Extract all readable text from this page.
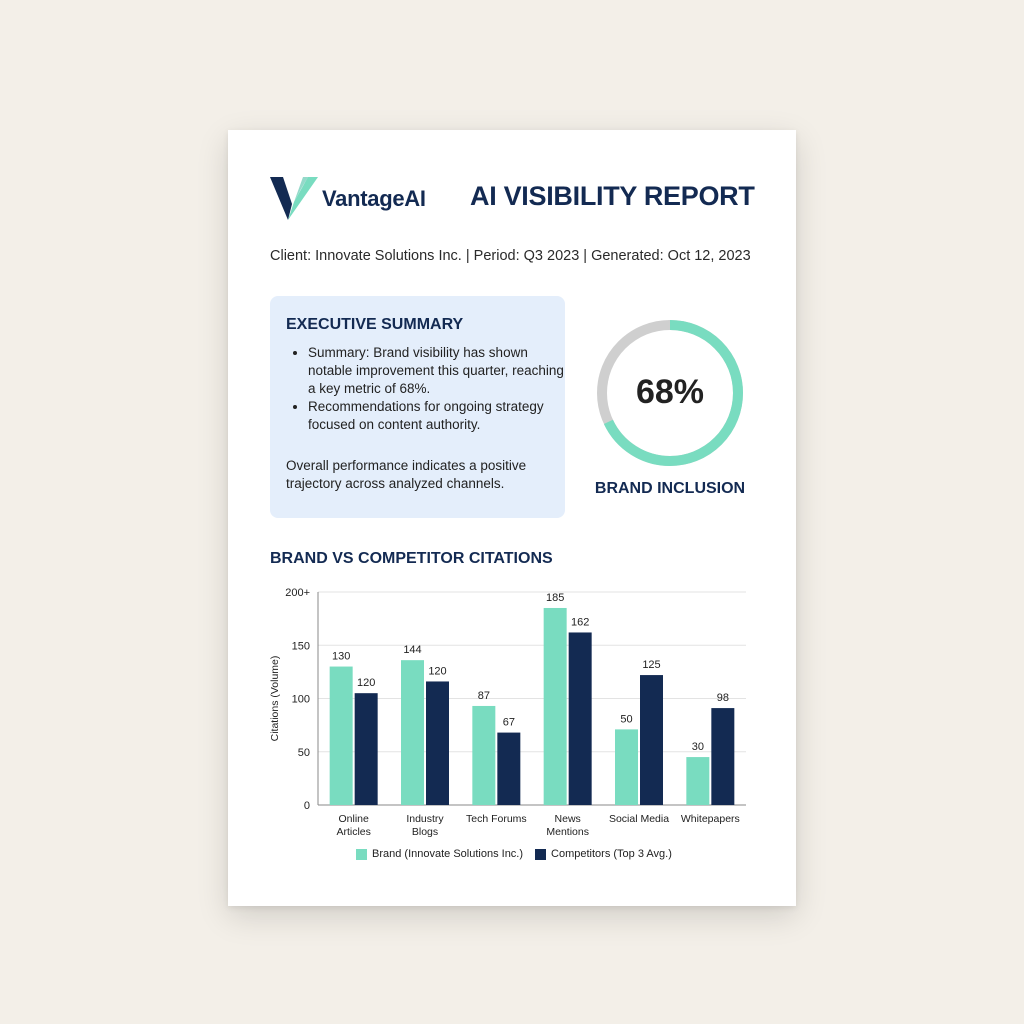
VantageAI AI VISIBILITY REPORT
Client: Innovate Solutions Inc. | Period: Q3 2023 | Generated: Oct 12, 2023
EXECUTIVE SUMMARY
• Summary: Brand visibility has shown notable improvement this quarter, reaching a key metric of 68%.
• Recommendations for ongoing strategy focused on content authority.

Overall performance indicates a positive trajectory across analyzed channels.

68%
BRAND INCLUSION
BRAND VS COMPETITOR CITATIONS
0
50
100
150
200+
Citations (Volume)	130
120
Online
Articles
144
120
Industry
Blogs
87
67
Tech Forums
185
162
News
Mentions
50
125
Social Media
30
98
Whitepapers
Brand (Innovate Solutions Inc.)	Competitors (Top 3 Avg.)
